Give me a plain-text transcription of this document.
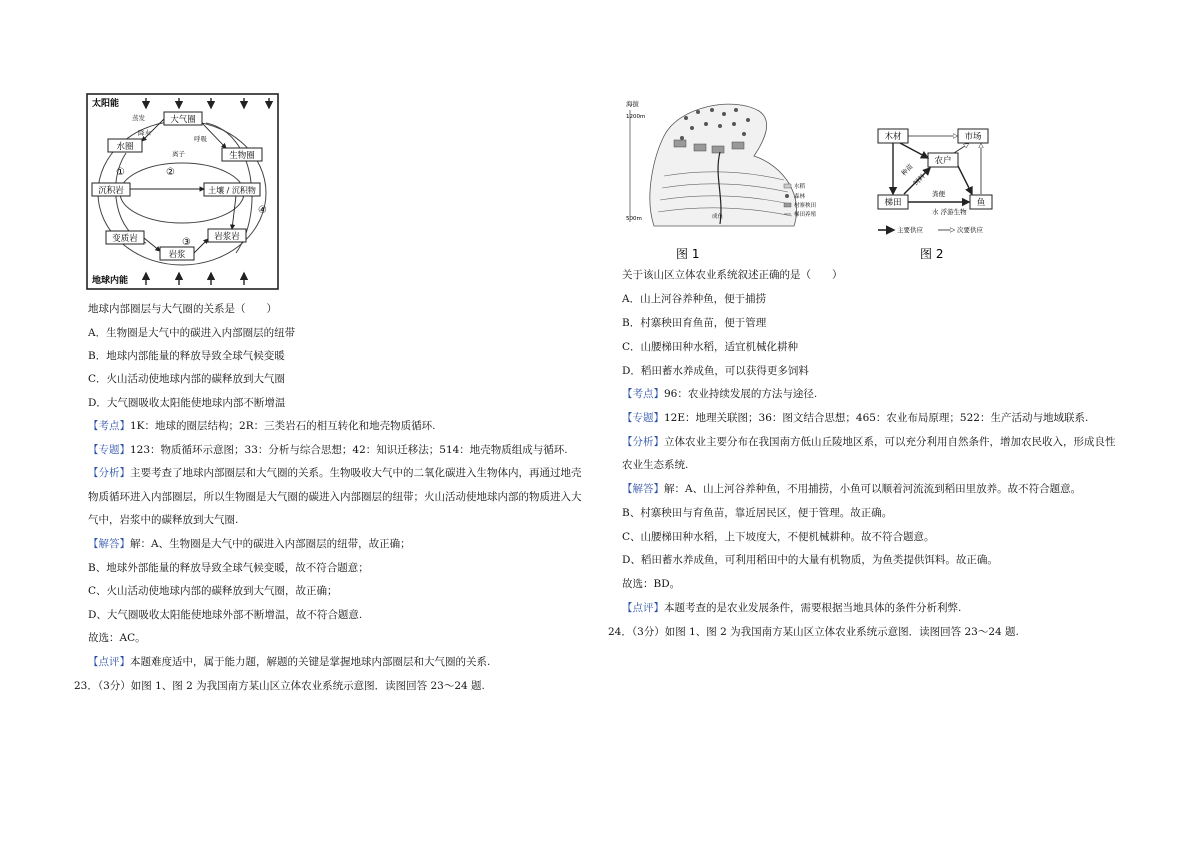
太阳能
地球内能
大气圈
水圈
生物圈
沉积岩	土壤 / 沉积物
变质岩	岩浆岩
岩浆
蒸发
降水
呼吸
离子
①	②
③
④
地球内部圈层与大气圈的关系是（　　）
A．生物圈是大气中的碳进入内部圈层的纽带
B．地球内部能量的释放导致全球气候变暖
C．火山活动使地球内部的碳释放到大气圈
D．大气圈吸收太阳能使地球内部不断增温
【考点】1K：地球的圈层结构；2R：三类岩石的相互转化和地壳物质循环.
【专题】123：物质循环示意图；33：分析与综合思想；42：知识迁移法；514：地壳物质组成与循环.
【分析】主要考查了地球内部圈层和大气圈的关系。生物吸收大气中的二氧化碳进入生物体内，再通过地壳
物质循环进入内部圈层，所以生物圈是大气圈的碳进入内部圈层的纽带；火山活动使地球内部的物质进入大
气中，岩浆中的碳释放到大气圈.
【解答】解：A、生物圈是大气中的碳进入内部圈层的纽带，故正确；
B、地球外部能量的释放导致全球气候变暖，故不符合题意；
C、火山活动使地球内部的碳释放到大气圈，故正确；
D、大气圈吸收太阳能使地球外部不断增温，故不符合题意.
故选：AC。
【点评】本题难度适中，属于能力题，解题的关键是掌握地球内部圈层和大气圈的关系.
23．（3分）如图 1、图 2 为我国南方某山区立体农业系统示意图．读图回答 23～24 题.
海拔
1200m
500m	成鱼
水稻
森林
村寨秧田
梯田养殖
图 1
木材	市场
农户
梯田	鱼
水 浮游生物
种苗
饲料
粪便
主要供应	次要供应
图 2
关于该山区立体农业系统叙述正确的是（　　）
A．山上河谷养种鱼，便于捕捞
B．村寨秧田育鱼苗，便于管理
C．山腰梯田种水稻，适宜机械化耕种
D．稻田蓄水养成鱼，可以获得更多饲料
【考点】96：农业持续发展的方法与途径.
【专题】12E：地理关联图；36：图文结合思想；465：农业布局原理；522：生产活动与地域联系.
【分析】立体农业主要分布在我国南方低山丘陵地区系，可以充分利用自然条件，增加农民收入，形成良性
农业生态系统.
【解答】解：A、山上河谷养种鱼，不用捕捞，小鱼可以顺着河流流到稻田里放养。故不符合题意。
B、村寨秧田与育鱼苗，靠近居民区，便于管理。故正确。
C、山腰梯田种水稻，上下坡度大，不便机械耕种。故不符合题意。
D、稻田蓄水养成鱼，可利用稻田中的大量有机物质，为鱼类提供饵料。故正确。
故选：BD。
【点评】本题考查的是农业发展条件，需要根据当地具体的条件分析利弊.
24．（3分）如图 1、图 2 为我国南方某山区立体农业系统示意图．读图回答 23～24 题.
